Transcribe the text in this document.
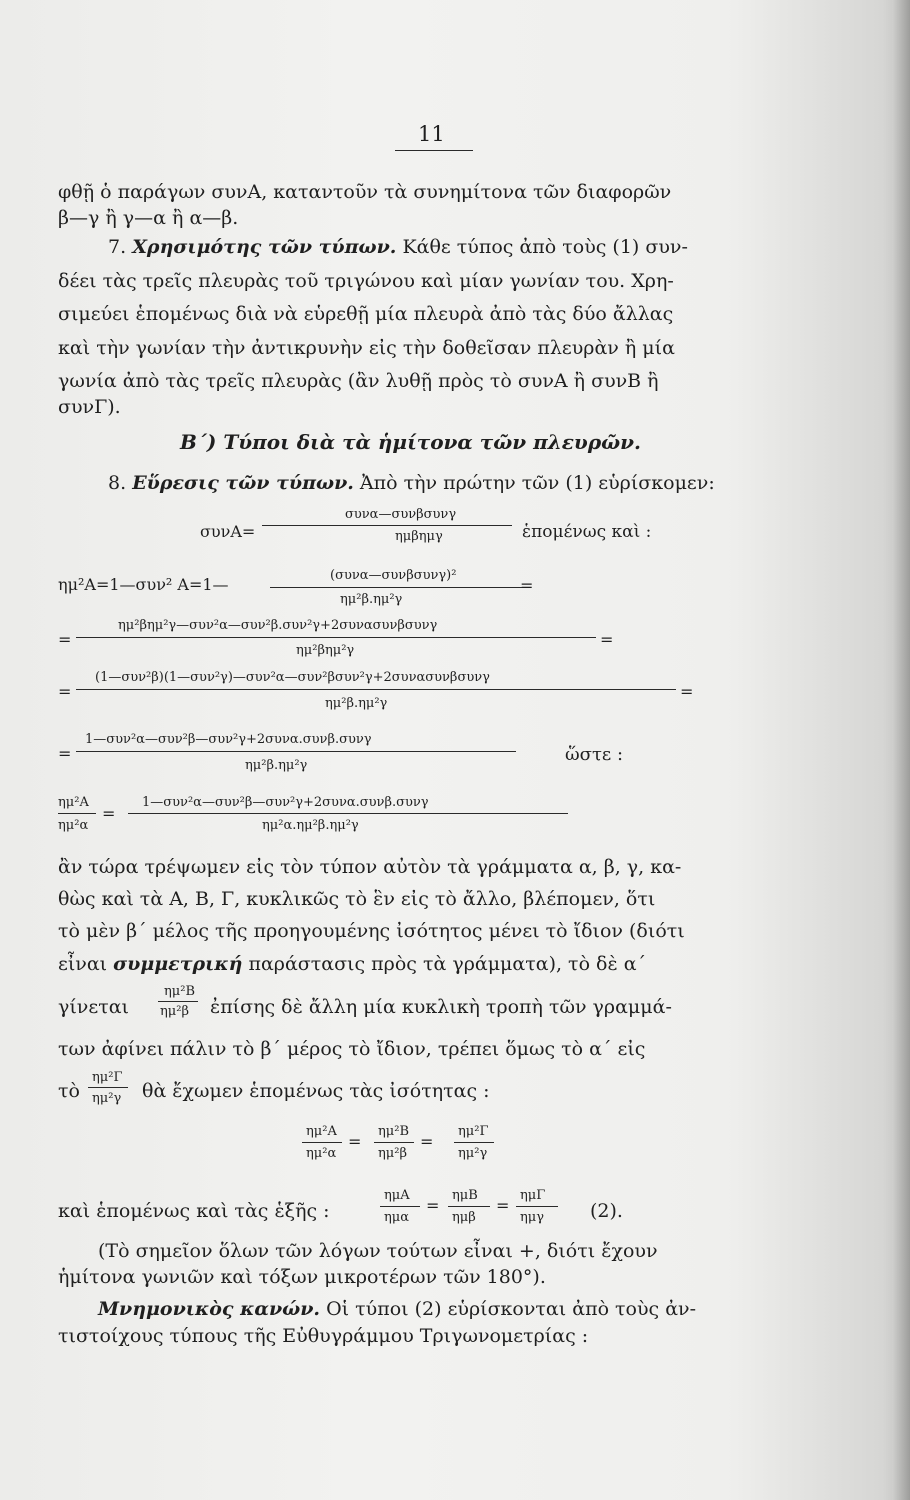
11
φθῇ ὁ παράγων συνA, καταντοῦν τὰ συνημίτονα τῶν διαφορῶν
β—γ ἢ γ—α ἢ α—β.
7. Χρησιμότης τῶν τύπων. Κάθε τύπος ἀπὸ τοὺς (1) συν-
δέει τὰς τρεῖς πλευρὰς τοῦ τριγώνου καὶ μίαν γωνίαν του. Χρη-
σιμεύει ἑπομένως διὰ νὰ εὑρεθῇ μία πλευρὰ ἀπὸ τὰς δύο ἄλλας
καὶ τὴν γωνίαν τὴν ἀντικρυνὴν εἰς τὴν δοθεῖσαν πλευρὰν ἢ μία
γωνία ἀπὸ τὰς τρεῖς πλευρὰς (ἂν λυθῇ πρὸς τὸ συνA ἢ συνB ἢ
συνΓ).
Β΄) Τύποι διὰ τὰ ἡμίτονα τῶν πλευρῶν.
8. Εὕρεσις τῶν τύπων. Ἀπὸ τὴν πρώτην τῶν (1) εὑρίσκομεν:
συνA=
συνα—συνβσυνγ
ημβημγ	ἑπομένως καὶ :
ημ²A=1—συν² A=1—	(συνα—συνβσυνγ)²
ημ²β.ημ²γ
=
=
ημ²βημ²γ—συν²α—συν²β.συν²γ+2συνασυνβσυνγ
ημ²βημ²γ
=
=
(1—συν²β)(1—συν²γ)—συν²α—συν²βσυν²γ+2συνασυνβσυνγ
ημ²β.ημ²γ
=
=
1—συν²α—συν²β—συν²γ+2συνα.συνβ.συνγ
ημ²β.ημ²γ
ὥστε :
ημ²A
ημ²α
=
1—συν²α—συν²β—συν²γ+2συνα.συνβ.συνγ
ημ²α.ημ²β.ημ²γ
ἂν τώρα τρέψωμεν εἰς τὸν τύπον αὐτὸν τὰ γράμματα α, β, γ, κα-
θὼς καὶ τὰ A, B, Γ, κυκλικῶς τὸ ἓν εἰς τὸ ἄλλο, βλέπομεν, ὅτι
τὸ μὲν β΄ μέλος τῆς προηγουμένης ἰσότητος μένει τὸ ἴδιον (διότι
εἶναι συμμετρική παράστασις πρὸς τὰ γράμματα), τὸ δὲ α΄
γίνεται
ημ²B
ημ²β ἐπίσης δὲ ἄλλη μία κυκλικὴ τροπὴ τῶν γραμμά-
των ἀφίνει πάλιν τὸ β΄ μέρος τὸ ἴδιον, τρέπει ὅμως τὸ α΄ εἰς
τὸ
ημ²Γ
ημ²γ θὰ ἔχωμεν ἑπομένως τὰς ἰσότητας :
ημ²A
ημ²α
=
ημ²B
ημ²β
=
ημ²Γ
ημ²γ
καὶ ἑπομένως καὶ τὰς ἑξῆς :
ημA
ημα
=
ημB
ημβ
=
ημΓ
ημγ (2).
(Τὸ σημεῖον ὅλων τῶν λόγων τούτων εἶναι +, διότι ἔχουν
ἡμίτονα γωνιῶν καὶ τόξων μικροτέρων τῶν 180°).
Μνημονικὸς κανών. Οἱ τύποι (2) εὑρίσκονται ἀπὸ τοὺς ἀν-
τιστοίχους τύπους τῆς Εὐθυγράμμου Τριγωνομετρίας :
